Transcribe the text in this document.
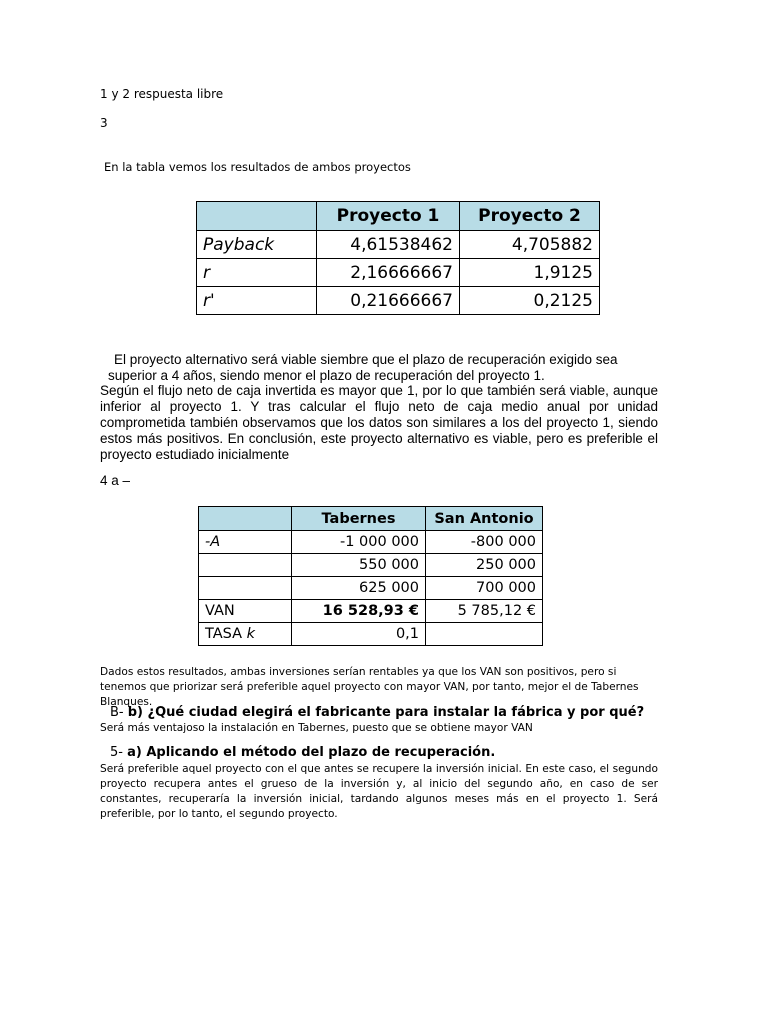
1 y 2 respuesta libre
3
En la tabla vemos los resultados de ambos proyectos
	Proyecto 1	Proyecto 2
Payback	4,61538462	4,705882
r	2,16666667	1,9125
r'	0,21666667	0,2125
El proyecto alternativo será viable siembre que el plazo de recuperación exigido sea
superior a 4 años, siendo menor el plazo de recuperación del proyecto 1.
Según el flujo neto de caja invertida es mayor que 1, por lo que también será viable, aunque inferior al proyecto 1. Y tras calcular el flujo neto de caja medio anual por unidad comprometida también observamos que los datos son similares a los del proyecto 1, siendo estos más positivos. En conclusión, este proyecto alternativo es viable, pero es preferible el proyecto estudiado inicialmente
4 a –
	Tabernes	San Antonio
-A	-1 000 000	-800 000
	550 000	250 000
	625 000	700 000
VAN	16 528,93 €	5 785,12 €
TASA k	0,1	
Dados estos resultados, ambas inversiones serían rentables ya que los VAN son positivos, pero si tenemos que priorizar será preferible aquel proyecto con mayor VAN, por tanto, mejor el de Tabernes Blanques.
B- b) ¿Qué ciudad elegirá el fabricante para instalar la fábrica y por qué?
Será más ventajoso la instalación en Tabernes, puesto que se obtiene mayor VAN
5- a) Aplicando el método del plazo de recuperación.
Será preferible aquel proyecto con el que antes se recupere la inversión inicial. En este caso, el segundo proyecto recupera antes el grueso de la inversión y, al inicio del segundo año, en caso de ser constantes, recuperaría la inversión inicial, tardando algunos meses más en el proyecto 1. Será preferible, por lo tanto, el segundo proyecto.
